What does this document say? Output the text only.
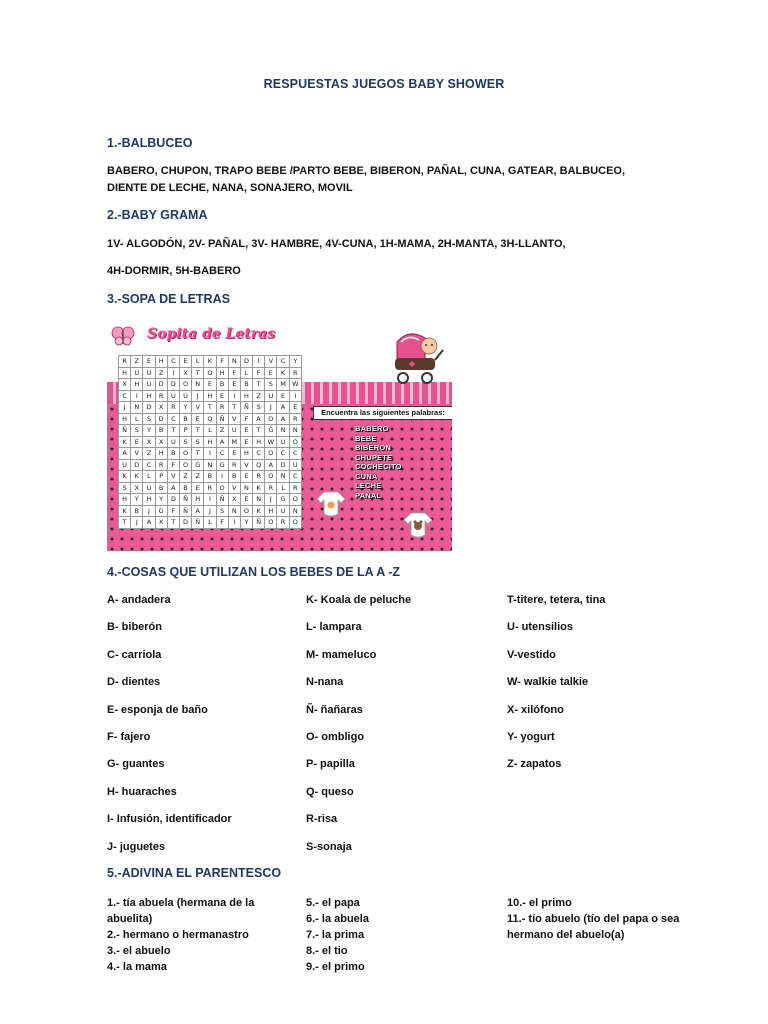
RESPUESTAS JUEGOS BABY SHOWER
1.-BALBUCEO
BABERO, CHUPON, TRAPO BEBE /PARTO BEBE, BIBERON, PAÑAL, CUNA, GATEAR, BALBUCEO, DIENTE DE LECHE, NANA, SONAJERO, MOVIL
2.-BABY GRAMA
1V- ALGODÓN, 2V- PAÑAL, 3V- HAMBRE, 4V-CUNA, 1H-MAMA, 2H-MANTA, 3H-LLANTO,
4H-DORMIR, 5H-BABERO
3.-SOPA DE LETRAS
Sopita de Letras
R	Z	E	H	C	E	L	K	F	N	D	I	V	C	Y
H	U	U	Z	I	X	T	O	H	F	L	F	E	K	R
X	H	U	D	D	O	N	E	B	E	B	T	S	M	W
C	I	H	R	U	U	J	H	E	I	H	Z	U	E	I
J	N	D	X	R	Y	V	T	R	T	Ñ	S	J	A	E
H	L	S	D	C	B	E	Q	Ñ	V	F	A	O	A	R
Ñ	S	Y	B	T	P	T	L	Z	U	E	T	G	N	N
K	E	X	X	U	S	S	H	A	M	E	H	W	U	O
A	V	Z	H	B	O	T	I	C	E	H	C	O	C	C
U	D	C	R	F	O	G	N	G	R	V	Q	A	D	U
K	K	L	P	V	Z	Z	B	I	B	E	R	O	N	C
S	X	U	B	A	B	E	R	O	V	N	K	R	L	R
H	Y	H	Y	D	Ñ	H	I	Ñ	X	E	N	J	G	O
K	B	J	G	F	Ñ	A	J	S	N	O	K	H	U	N
T	J	A	X	T	D	Ñ	L	F	I	Y	Ñ	O	R	O
Encuentra las siguientes palabras:
BABERO
BEBE
BIBERON
CHUPETE
COCHECITO
CUNA
LECHE
PAÑAL
4.-COSAS QUE UTILIZAN LOS BEBES DE LA A -Z
A- andadera
B- biberón
C- carriola
D- dientes
E- esponja de baño
F- fajero
G- guantes
H- huaraches
I- Infusión, identificador
J- juguetes
K- Koala de peluche
L- lampara
M- mameluco
N-nana
Ñ- ñañaras
O- ombligo
P- papilla
Q- queso
R-risa
S-sonaja
T-titere, tetera, tina
U- utensilios
V-vestido
W- walkie talkie
X- xilófono
Y- yogurt
Z- zapatos
5.-ADIVINA EL PARENTESCO
1.- tía abuela (hermana de la abuelita)
2.- hermano o hermanastro
3.- el abuelo
4.- la mama
5.- el papa
6.- la abuela
7.- la prima
8.- el tio
9.- el primo
10.- el primo
11.- tío abuelo (tío del papa o sea hermano del abuelo(a)
